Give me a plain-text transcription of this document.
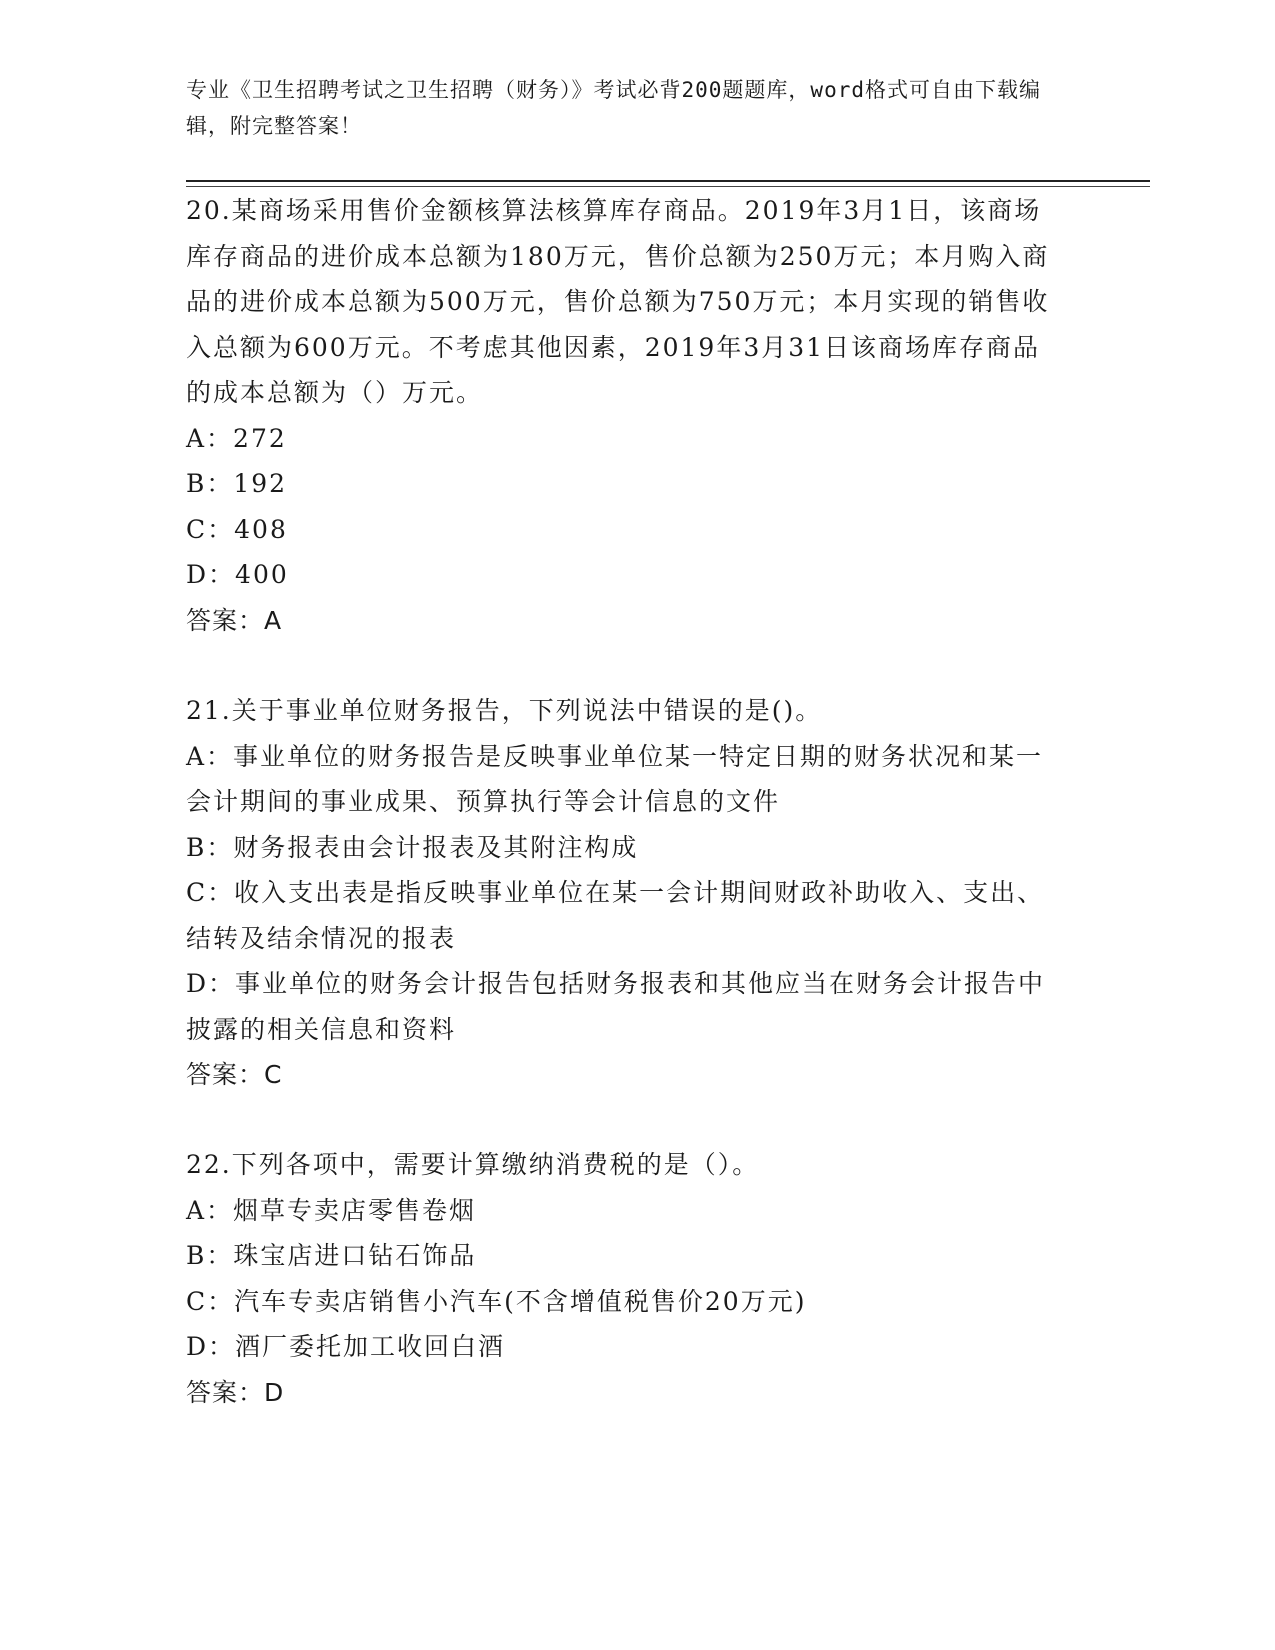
专业《卫生招聘考试之卫生招聘（财务）》考试必背200题题库，word格式可自由下载编辑，附完整答案！

20.某商场采用售价金额核算法核算库存商品。2019年3月1日，该商场库存商品的进价成本总额为180万元，售价总额为250万元；本月购入商品的进价成本总额为500万元，售价总额为750万元；本月实现的销售收入总额为600万元。不考虑其他因素，2019年3月31日该商场库存商品的成本总额为（）万元。

A：272

B：192

C：408

D：400

答案：A

21.关于事业单位财务报告，下列说法中错误的是()。

A：事业单位的财务报告是反映事业单位某一特定日期的财务状况和某一会计期间的事业成果、预算执行等会计信息的文件

B：财务报表由会计报表及其附注构成

C：收入支出表是指反映事业单位在某一会计期间财政补助收入、支出、结转及结余情况的报表

D：事业单位的财务会计报告包括财务报表和其他应当在财务会计报告中披露的相关信息和资料

答案：C

22.下列各项中，需要计算缴纳消费税的是（）。

A：烟草专卖店零售卷烟

B：珠宝店进口钻石饰品

C：汽车专卖店销售小汽车(不含增值税售价20万元)

D：酒厂委托加工收回白酒

答案：D
